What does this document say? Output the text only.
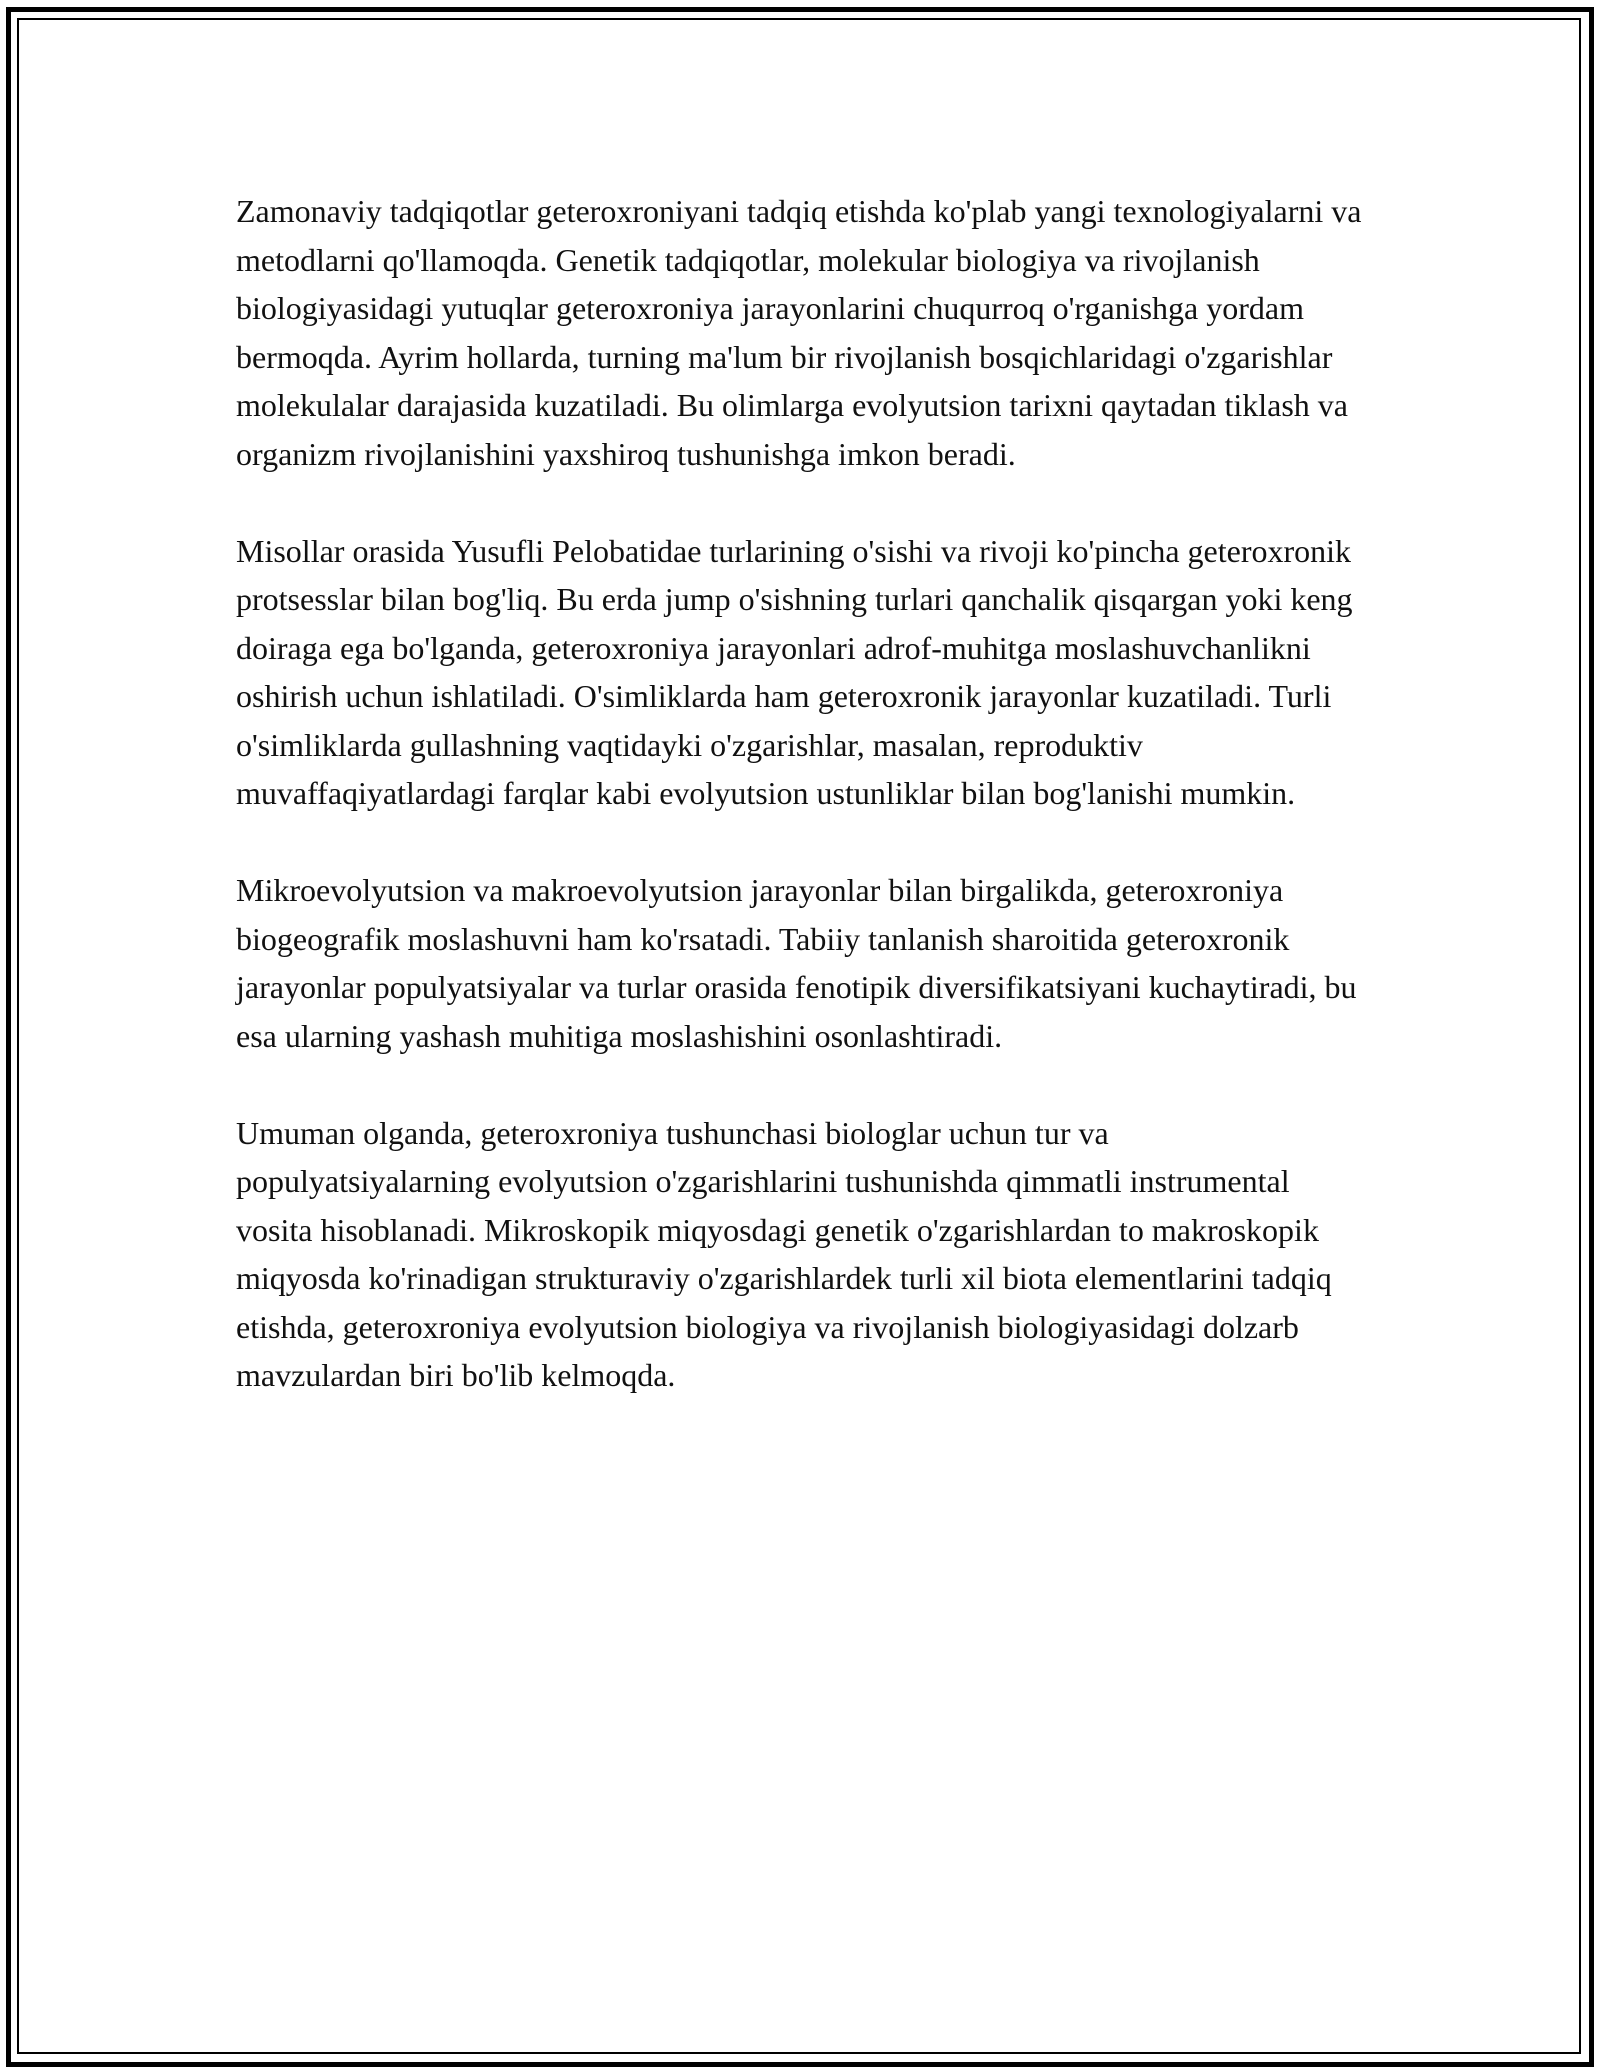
Zamonaviy tadqiqotlar geteroxroniyani tadqiq etishda ko'plab yangi texnologiyalarni va metodlarni qo'llamoqda. Genetik tadqiqotlar, molekular biologiya va rivojlanish biologiyasidagi yutuqlar geteroxroniya jarayonlarini chuqurroq o'rganishga yordam bermoqda. Ayrim hollarda, turning ma'lum bir rivojlanish bosqichlaridagi o'zgarishlar molekulalar darajasida kuzatiladi. Bu olimlarga evolyutsion tarixni qaytadan tiklash va organizm rivojlanishini yaxshiroq tushunishga imkon beradi.

Misollar orasida Yusufli Pelobatidae turlarining o'sishi va rivoji ko'pincha geteroxronik protsesslar bilan bog'liq. Bu erda jump o'sishning turlari qanchalik qisqargan yoki keng doiraga ega bo'lganda, geteroxroniya jarayonlari adrof-muhitga moslashuvchanlikni oshirish uchun ishlatiladi. O'simliklarda ham geteroxronik jarayonlar kuzatiladi. Turli o'simliklarda gullashning vaqtidayki o'zgarishlar, masalan, reproduktiv muvaffaqiyatlardagi farqlar kabi evolyutsion ustunliklar bilan bog'lanishi mumkin.

Mikroevolyutsion va makroevolyutsion jarayonlar bilan birgalikda, geteroxroniya biogeografik moslashuvni ham ko'rsatadi. Tabiiy tanlanish sharoitida geteroxronik jarayonlar populyatsiyalar va turlar orasida fenotipik diversifikatsiyani kuchaytiradi, bu esa ularning yashash muhitiga moslashishini osonlashtiradi.

Umuman olganda, geteroxroniya tushunchasi biologlar uchun tur va populyatsiyalarning evolyutsion o'zgarishlarini tushunishda qimmatli instrumental vosita hisoblanadi. Mikroskopik miqyosdagi genetik o'zgarishlardan to makroskopik miqyosda ko'rinadigan strukturaviy o'zgarishlardek turli xil biota elementlarini tadqiq etishda, geteroxroniya evolyutsion biologiya va rivojlanish biologiyasidagi dolzarb mavzulardan biri bo'lib kelmoqda.
